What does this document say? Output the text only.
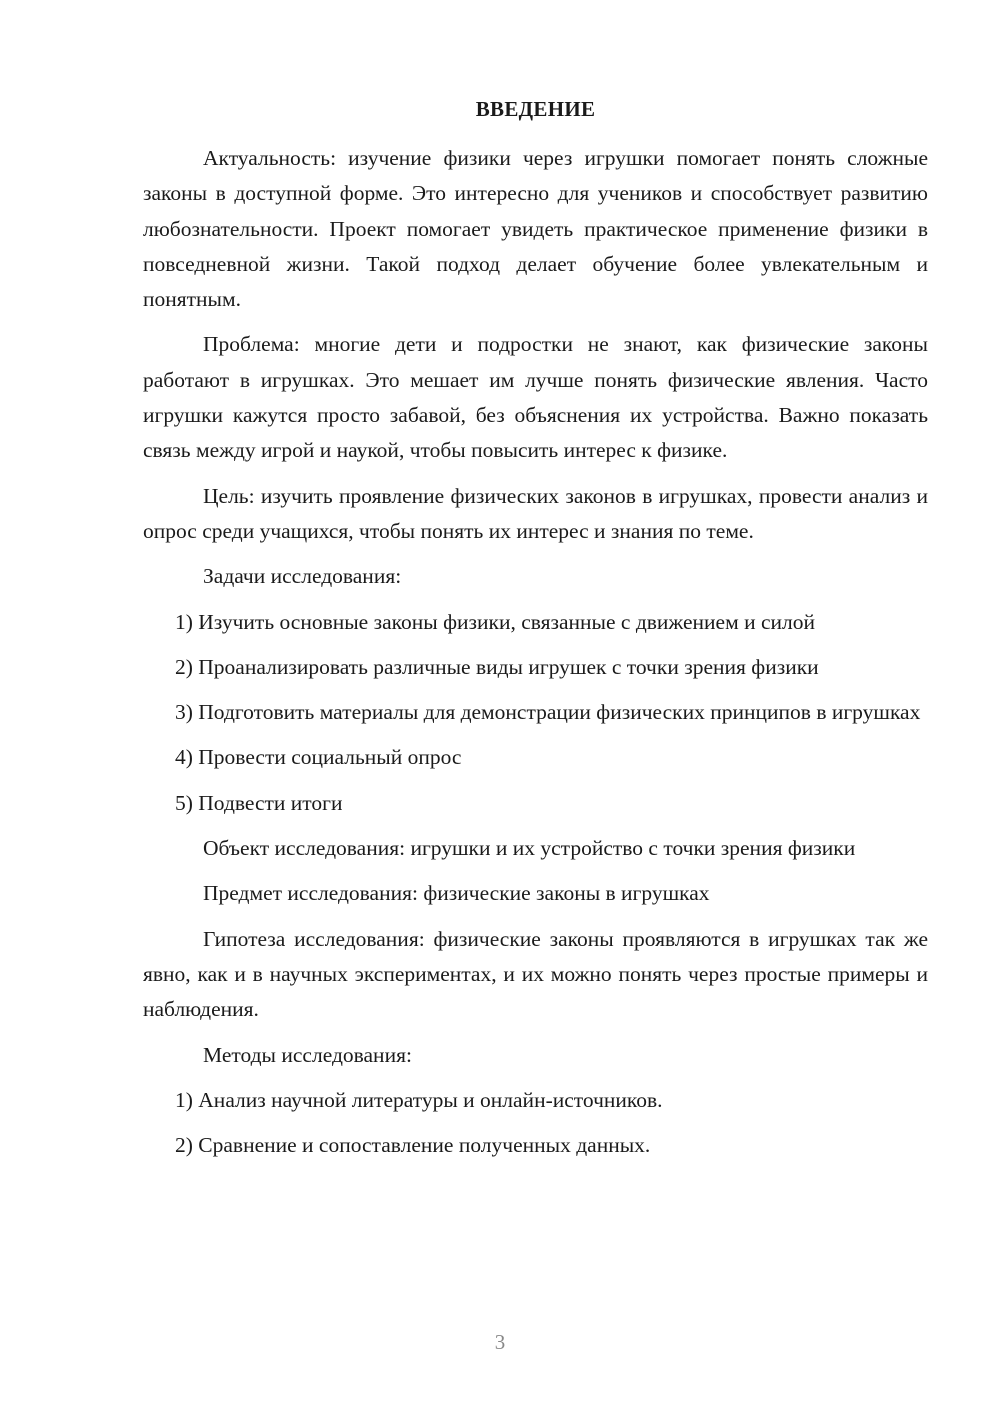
ВВЕДЕНИЕ

Актуальность: изучение физики через игрушки помогает понять сложные законы в доступной форме. Это интересно для учеников и способствует развитию любознательности. Проект помогает увидеть практическое применение физики в повседневной жизни. Такой подход делает обучение более увлекательным и понятным.

Проблема: многие дети и подростки не знают, как физические законы работают в игрушках. Это мешает им лучше понять физические явления. Часто игрушки кажутся просто забавой, без объяснения их устройства. Важно показать связь между игрой и наукой, чтобы повысить интерес к физике.

Цель: изучить проявление физических законов в игрушках, провести анализ и опрос среди учащихся, чтобы понять их интерес и знания по теме.

Задачи исследования:

1) Изучить основные законы физики, связанные с движением и силой

2) Проанализировать различные виды игрушек с точки зрения физики

3) Подготовить материалы для демонстрации физических принципов в игрушках

4) Провести социальный опрос

5) Подвести итоги

Объект исследования: игрушки и их устройство с точки зрения физики

Предмет исследования: физические законы в игрушках

Гипотеза исследования: физические законы проявляются в игрушках так же явно, как и в научных экспериментах, и их можно понять через простые примеры и наблюдения.

Методы исследования:

1) Анализ научной литературы и онлайн-источников.

2) Сравнение и сопоставление полученных данных.

3
